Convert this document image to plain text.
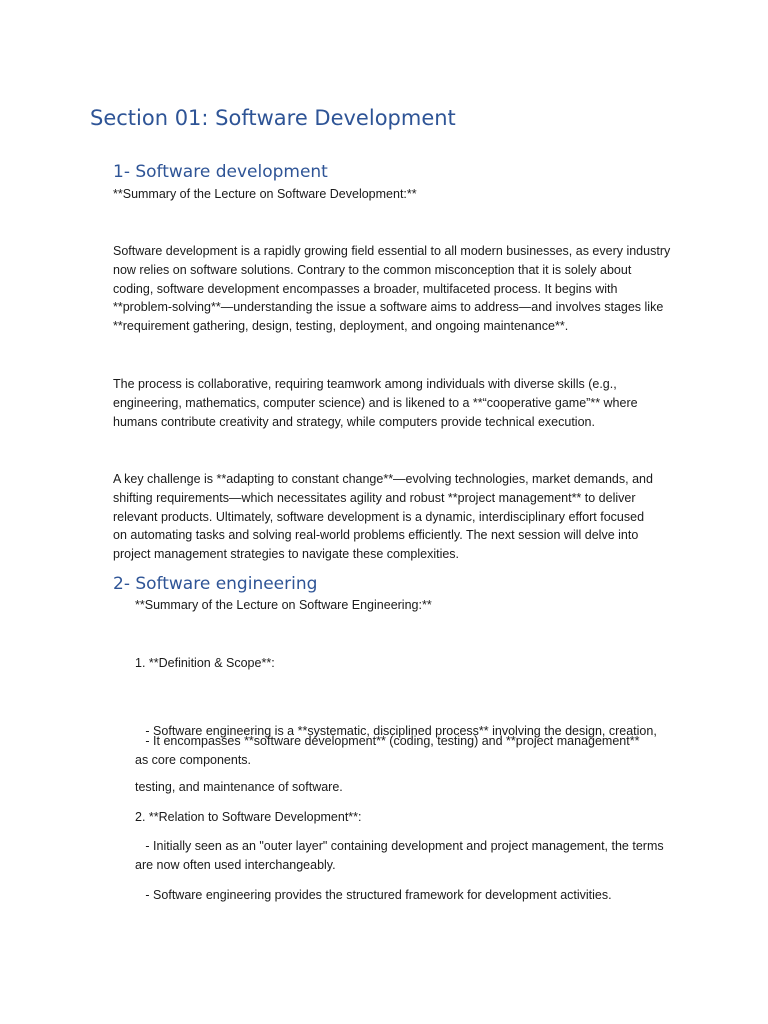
Section 01: Software Development
1- Software development

**Summary of the Lecture on Software Development:**

Software development is a rapidly growing field essential to all modern businesses, as every industry
now relies on software solutions. Contrary to the common misconception that it is solely about
coding, software development encompasses a broader, multifaceted process. It begins with
**problem-solving**—understanding the issue a software aims to address—and involves stages like
**requirement gathering, design, testing, deployment, and ongoing maintenance**.

The process is collaborative, requiring teamwork among individuals with diverse skills (e.g.,
engineering, mathematics, computer science) and is likened to a **“cooperative game”** where
humans contribute creativity and strategy, while computers provide technical execution.

A key challenge is **adapting to constant change**—evolving technologies, market demands, and
shifting requirements—which necessitates agility and robust **project management** to deliver
relevant products. Ultimately, software development is a dynamic, interdisciplinary effort focused
on automating tasks and solving real-world problems efficiently. The next session will delve into
project management strategies to navigate these complexities.

2- Software engineering

**Summary of the Lecture on Software Engineering:**

1. **Definition & Scope**:

- Software engineering is a **systematic, disciplined process** involving the design, creation,

testing, and maintenance of software.

- It encompasses **software development** (coding, testing) and **project management**
as core components.

2. **Relation to Software Development**:

- Initially seen as an "outer layer" containing development and project management, the terms
are now often used interchangeably.

- Software engineering provides the structured framework for development activities.
